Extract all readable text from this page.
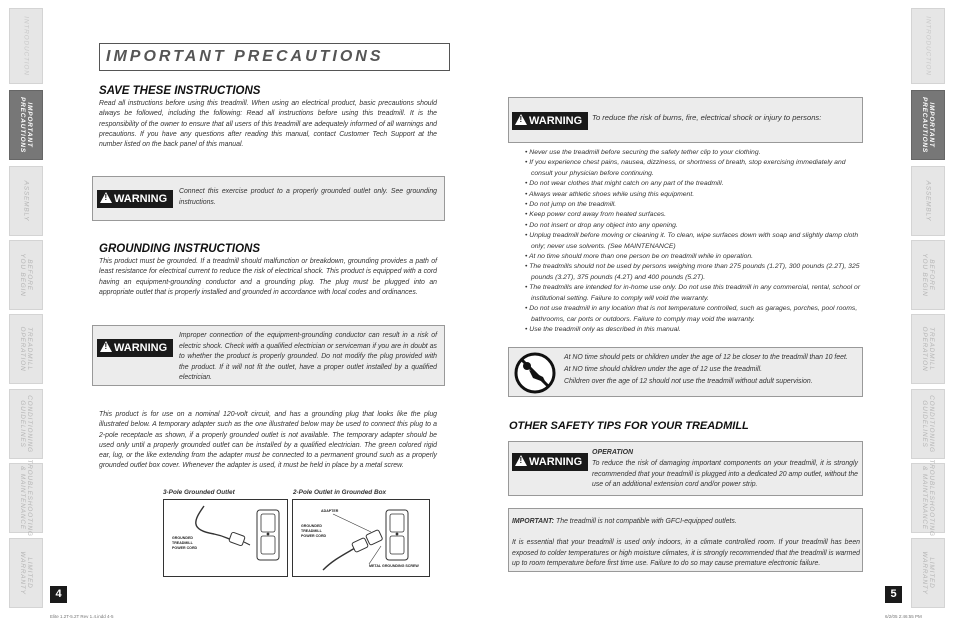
INTRODUCTION
IMPORTANT
PRECAUTIONS
ASSEMBLY
BEFORE
YOU BEGIN
TREADMILL
OPERATION
CONDITIONING
GUIDELINES
TROUBLESHOOTING
& MAINTENANCE
LIMITED
WARRANTY
INTRODUCTION
IMPORTANT
PRECAUTIONS
ASSEMBLY
BEFORE
YOU BEGIN
TREADMILL
OPERATION
CONDITIONING
GUIDELINES
TROUBLESHOOTING
& MAINTENANCE
LIMITED
WARRANTY
IMPORTANT PRECAUTIONS
SAVE THESE INSTRUCTIONS
Read all instructions before using this treadmill. When using an electrical product, basic precautions should always be followed, including the following: Read all instructions before using this treadmill. It is the responsibility of the owner to ensure that all users of this treadmill are adequately informed of all warnings and precautions. If you have any questions after reading this manual, contact Customer Tech Support at the number listed on the back panel of this manual.
! WARNING
Connect this exercise product to a properly grounded outlet only. See grounding instructions.
GROUNDING INSTRUCTIONS
This product must be grounded. If a treadmill should malfunction or breakdown, grounding provides a path of least resistance for electrical current to reduce the risk of electrical shock. This product is equipped with a cord having an equipment-grounding conductor and a grounding plug. The plug must be plugged into an appropriate outlet that is properly installed and grounded in accordance with local codes and ordinances.
! WARNING
Improper connection of the equipment-grounding conductor can result in a risk of electric shock. Check with a qualified electrician or serviceman if you are in doubt as to whether the product is properly grounded. Do not modify the plug provided with the product. If it will not fit the outlet, have a proper outlet installed by a qualified electrician.
This product is for use on a nominal 120-volt circuit, and has a grounding plug that looks like the plug illustrated below. A temporary adapter such as the one illustrated below may be used to connect this plug to a 2-pole receptacle as shown, if a properly grounded outlet is not available. The temporary adapter should be used only until a properly grounded outlet can be installed by a qualified electrician. The green colored rigid ear, lug, or the like extending from the adapter must be connected to a permanent ground such as a properly grounded outlet box cover. Whenever the adapter is used, it must be held in place by a metal screw.
3-Pole Grounded Outlet	2-Pole Outlet in Grounded Box
GROUNDED
TREADMILL
POWER CORD
ADAPTER
GROUNDED
TREADMILL
POWER CORD
METAL GROUNDING SCREW
4
Elite 1.2T-5.2T Rev 1.4.indd 4-5
! WARNING	To reduce the risk of burns, fire, electrical shock or injury to persons:
• Never use the treadmill before securing the safety tether clip to your clothing.
• If you experience chest pains, nausea, dizziness, or shortness of breath, stop exercising immediately and consult your physician before continuing.
• Do not wear clothes that might catch on any part of the treadmill.
• Always wear athletic shoes while using this equipment.
• Do not jump on the treadmill.
• Keep power cord away from heated surfaces.
• Do not insert or drop any object into any opening.
• Unplug treadmill before moving or cleaning it. To clean, wipe surfaces down with soap and slightly damp cloth only; never use solvents. (See MAINTENANCE)
• At no time should more than one person be on treadmill while in operation.
• The treadmills should not be used by persons weighing more than 275 pounds (1.2T), 300 pounds (2.2T), 325 pounds (3.2T), 375 pounds (4.2T) and 400 pounds (5.2T).
• The treadmills are intended for in-home use only. Do not use this treadmill in any commercial, rental, school or institutional setting. Failure to comply will void the warranty.
• Do not use treadmill in any location that is not temperature controlled, such as garages, porches, pool rooms, bathrooms, car ports or outdoors. Failure to comply may void the warranty.
• Use the treadmill only as described in this manual.
At NO time should pets or children under the age of 12 be closer to the treadmill than 10 feet.
At NO time should children under the age of 12 use the treadmill.
Children over the age of 12 should not use the treadmill without adult supervision.
OTHER SAFETY TIPS FOR YOUR TREADMILL
! WARNING
OPERATION
To reduce the risk of damaging important components on your treadmill, it is strongly recommended that your treadmill is plugged into a dedicated 20 amp outlet, without the use of an additional extension cord and/or power strip.
IMPORTANT: The treadmill is not compatible with GFCI-equipped outlets.
It is essential that your treadmill is used only indoors, in a climate controlled room. If your treadmill has been exposed to colder temperatures or high moisture climates, it is strongly recommended that the treadmill is warmed up to room temperature before first time use. Failure to do so may cause premature electronic failure.
5
6/2/05 2:46:55 PM
